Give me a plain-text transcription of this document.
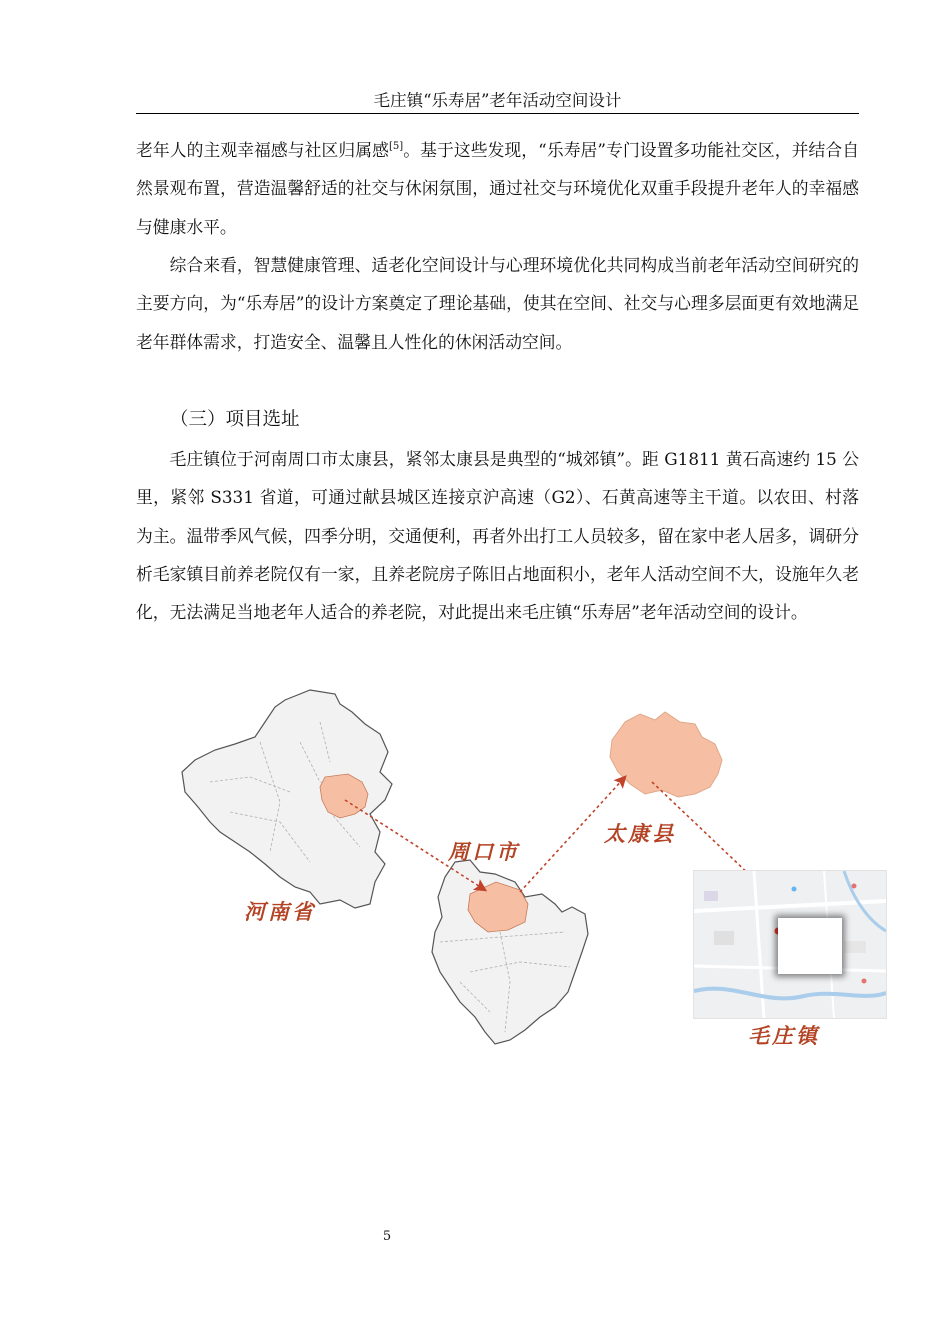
毛庄镇“乐寿居”老年活动空间设计

老年人的主观幸福感与社区归属感[5]。基于这些发现，“乐寿居”专门设置多功能社交区，并结合自然景观布置，营造温馨舒适的社交与休闲氛围，通过社交与环境优化双重手段提升老年人的幸福感与健康水平。

综合来看，智慧健康管理、适老化空间设计与心理环境优化共同构成当前老年活动空间研究的主要方向，为“乐寿居”的设计方案奠定了理论基础，使其在空间、社交与心理多层面更有效地满足老年群体需求，打造安全、温馨且人性化的休闲活动空间。

（三）项目选址

毛庄镇位于河南周口市太康县，紧邻太康县是典型的“城郊镇”。距 G1811 黄石高速约 15 公里，紧邻 S331 省道，可通过献县城区连接京沪高速（G2）、石黄高速等主干道。以农田、村落为主。温带季风气候，四季分明，交通便利，再者外出打工人员较多，留在家中老人居多，调研分析毛家镇目前养老院仅有一家，且养老院房子陈旧占地面积小，老年人活动空间不大，设施年久老化，无法满足当地老年人适合的养老院，对此提出来毛庄镇“乐寿居”老年活动空间的设计。

河南省
周口市
太康县
毛庄镇
5
